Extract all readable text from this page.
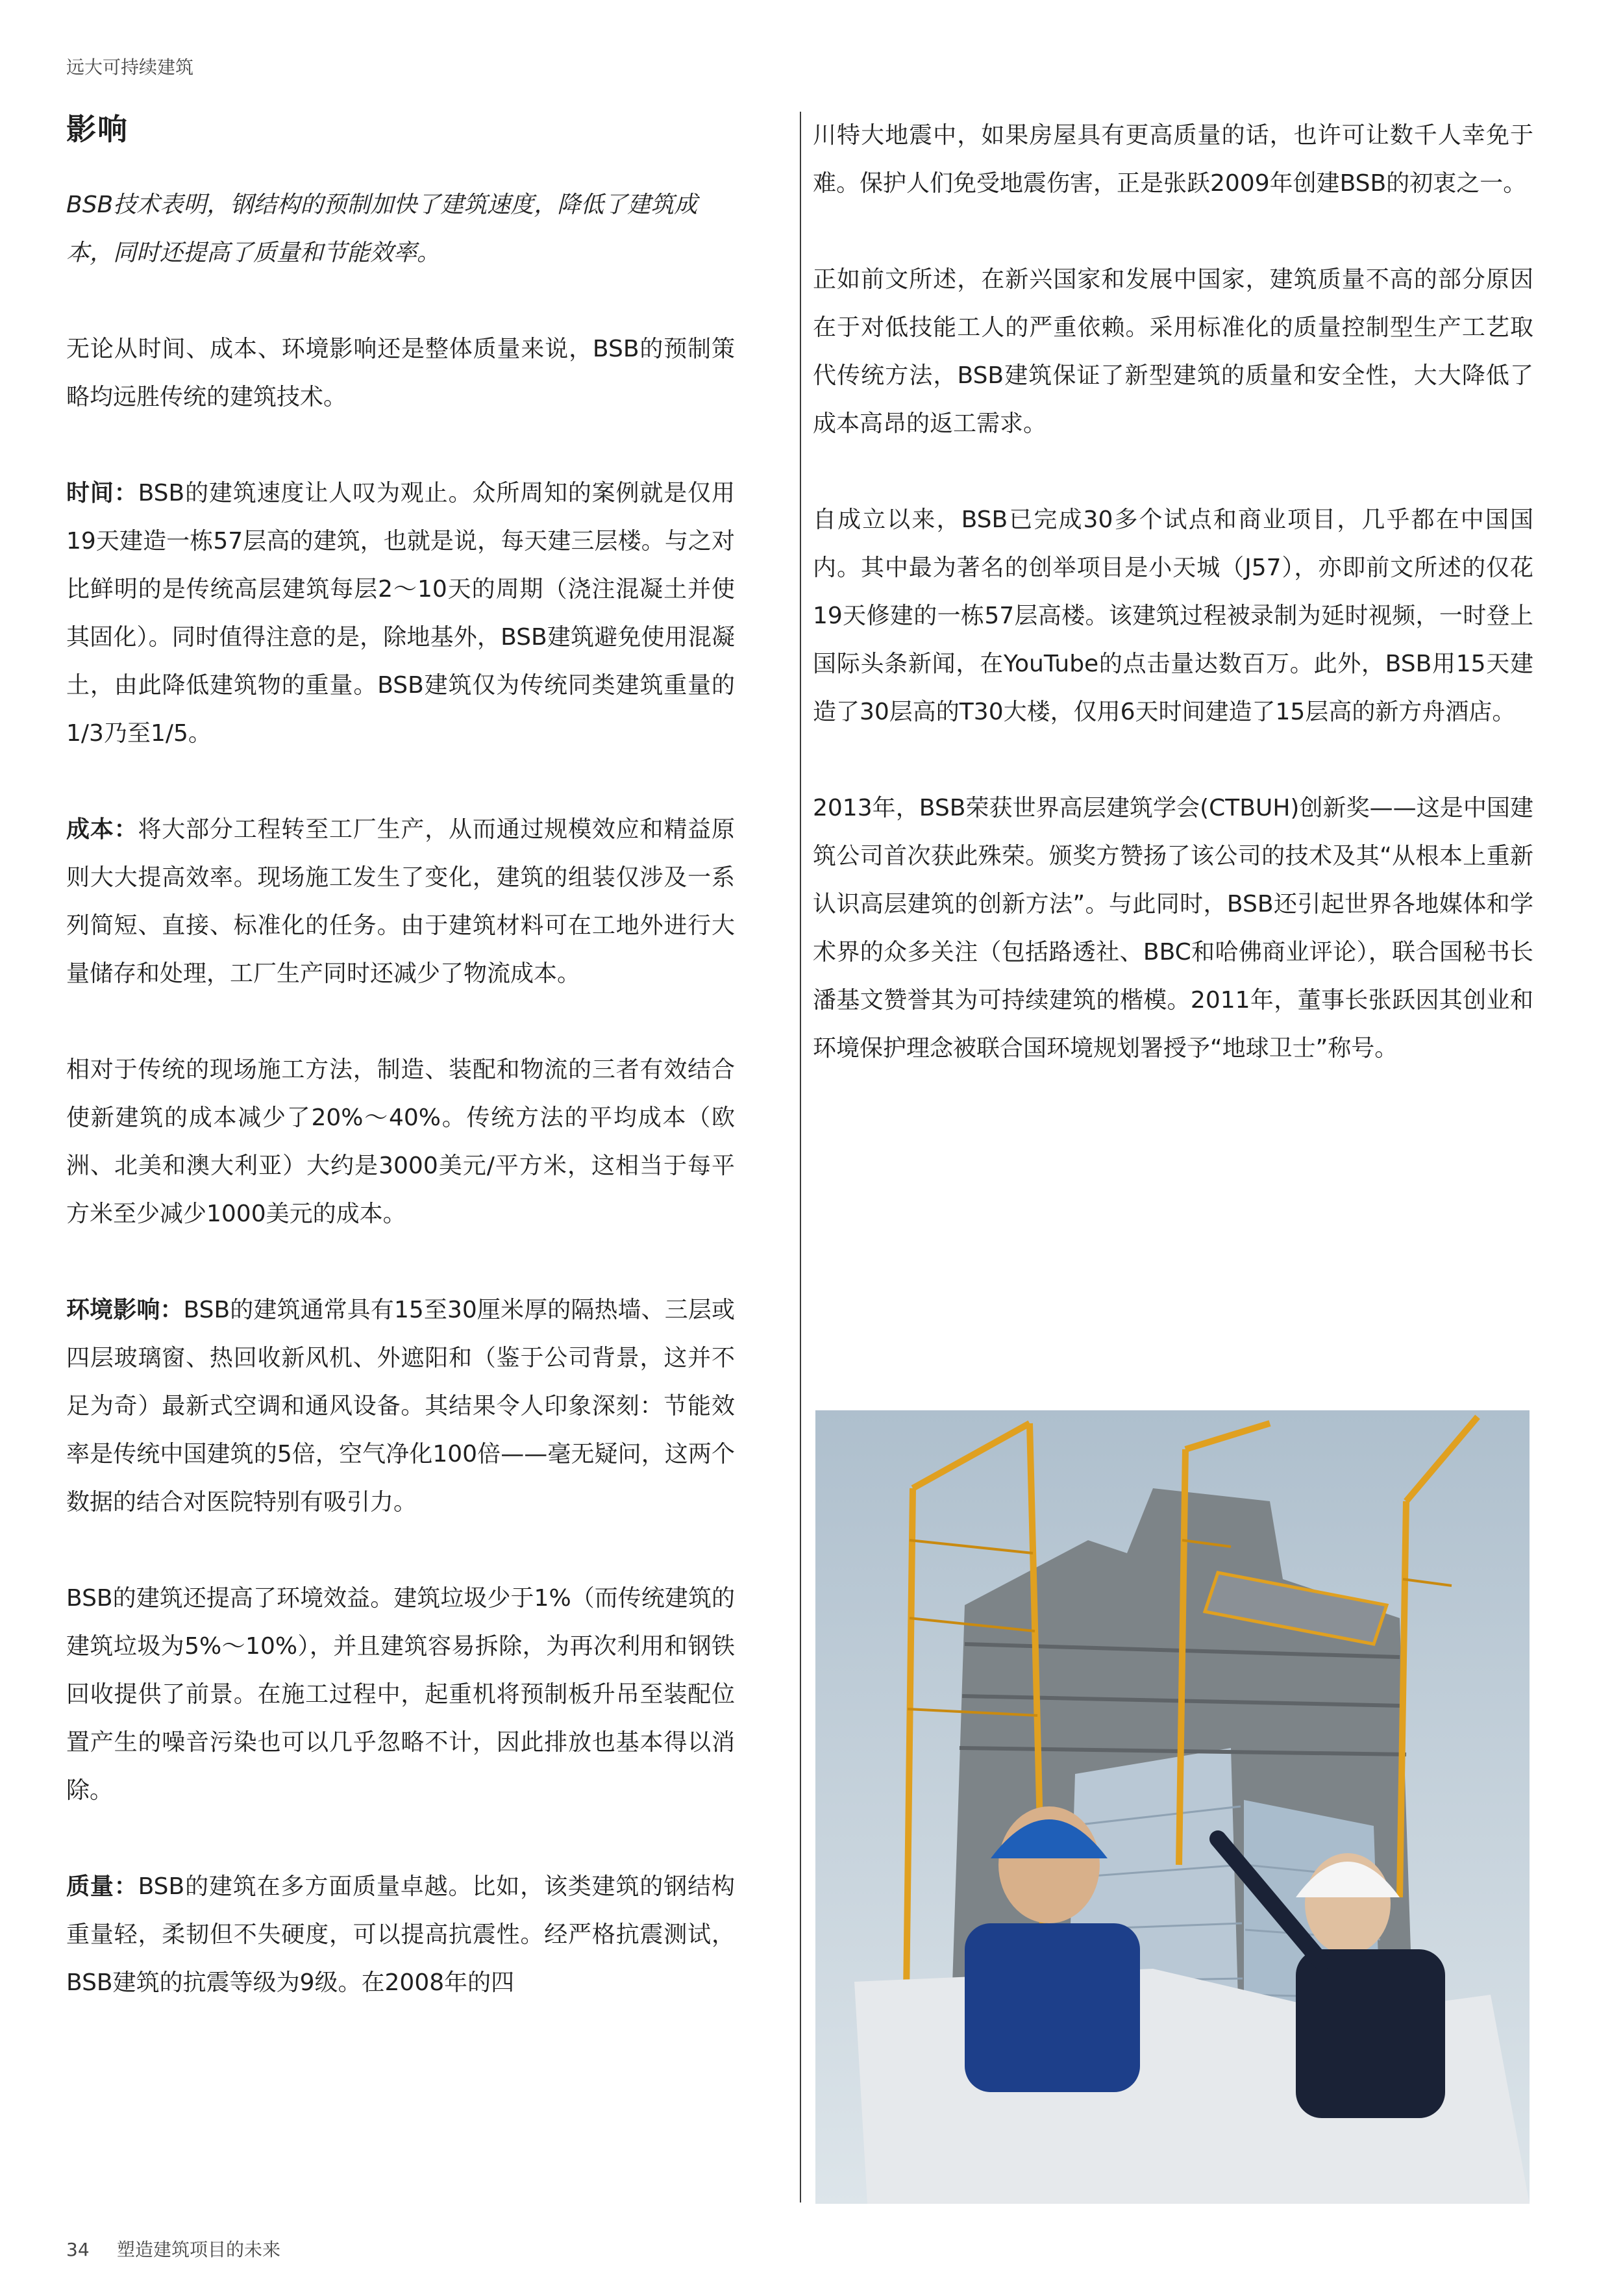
远大可持续建筑
影响

BSB技术表明，钢结构的预制加快了建筑速度，降低了建筑成本，同时还提高了质量和节能效率。

无论从时间、成本、环境影响还是整体质量来说，BSB的预制策略均远胜传统的建筑技术。

时间：BSB的建筑速度让人叹为观止。众所周知的案例就是仅用19天建造一栋57层高的建筑，也就是说，每天建三层楼。与之对比鲜明的是传统高层建筑每层2～10天的周期（浇注混凝土并使其固化）。同时值得注意的是，除地基外，BSB建筑避免使用混凝土，由此降低建筑物的重量。BSB建筑仅为传统同类建筑重量的1/3乃至1/5。

成本：将大部分工程转至工厂生产，从而通过规模效应和精益原则大大提高效率。现场施工发生了变化，建筑的组装仅涉及一系列简短、直接、标准化的任务。由于建筑材料可在工地外进行大量储存和处理，工厂生产同时还减少了物流成本。

相对于传统的现场施工方法，制造、装配和物流的三者有效结合使新建筑的成本减少了20%～40%。传统方法的平均成本（欧洲、北美和澳大利亚）大约是3000美元/平方米，这相当于每平方米至少减少1000美元的成本。

环境影响：BSB的建筑通常具有15至30厘米厚的隔热墙、三层或四层玻璃窗、热回收新风机、外遮阳和（鉴于公司背景，这并不足为奇）最新式空调和通风设备。其结果令人印象深刻：节能效率是传统中国建筑的5倍，空气净化100倍——毫无疑问，这两个数据的结合对医院特别有吸引力。

BSB的建筑还提高了环境效益。建筑垃圾少于1%（而传统建筑的建筑垃圾为5%～10%），并且建筑容易拆除，为再次利用和钢铁回收提供了前景。在施工过程中，起重机将预制板升吊至装配位置产生的噪音污染也可以几乎忽略不计，因此排放也基本得以消除。

质量：BSB的建筑在多方面质量卓越。比如，该类建筑的钢结构重量轻，柔韧但不失硬度，可以提高抗震性。经严格抗震测试，BSB建筑的抗震等级为9级。在2008年的四

川特大地震中，如果房屋具有更高质量的话，也许可让数千人幸免于难。保护人们免受地震伤害，正是张跃2009年创建BSB的初衷之一。

正如前文所述，在新兴国家和发展中国家，建筑质量不高的部分原因在于对低技能工人的严重依赖。采用标准化的质量控制型生产工艺取代传统方法，BSB建筑保证了新型建筑的质量和安全性，大大降低了成本高昂的返工需求。

自成立以来，BSB已完成30多个试点和商业项目，几乎都在中国国内。其中最为著名的创举项目是小天城（J57），亦即前文所述的仅花19天修建的一栋57层高楼。该建筑过程被录制为延时视频，一时登上国际头条新闻，在YouTube的点击量达数百万。此外，BSB用15天建造了30层高的T30大楼，仅用6天时间建造了15层高的新方舟酒店。

2013年，BSB荣获世界高层建筑学会(CTBUH)创新奖——这是中国建筑公司首次获此殊荣。颁奖方赞扬了该公司的技术及其“从根本上重新认识高层建筑的创新方法”。与此同时，BSB还引起世界各地媒体和学术界的众多关注（包括路透社、BBC和哈佛商业评论），联合国秘书长潘基文赞誉其为可持续建筑的楷模。2011年，董事长张跃因其创业和环境保护理念被联合国环境规划署授予“地球卫士”称号。

34 塑造建筑项目的未来
